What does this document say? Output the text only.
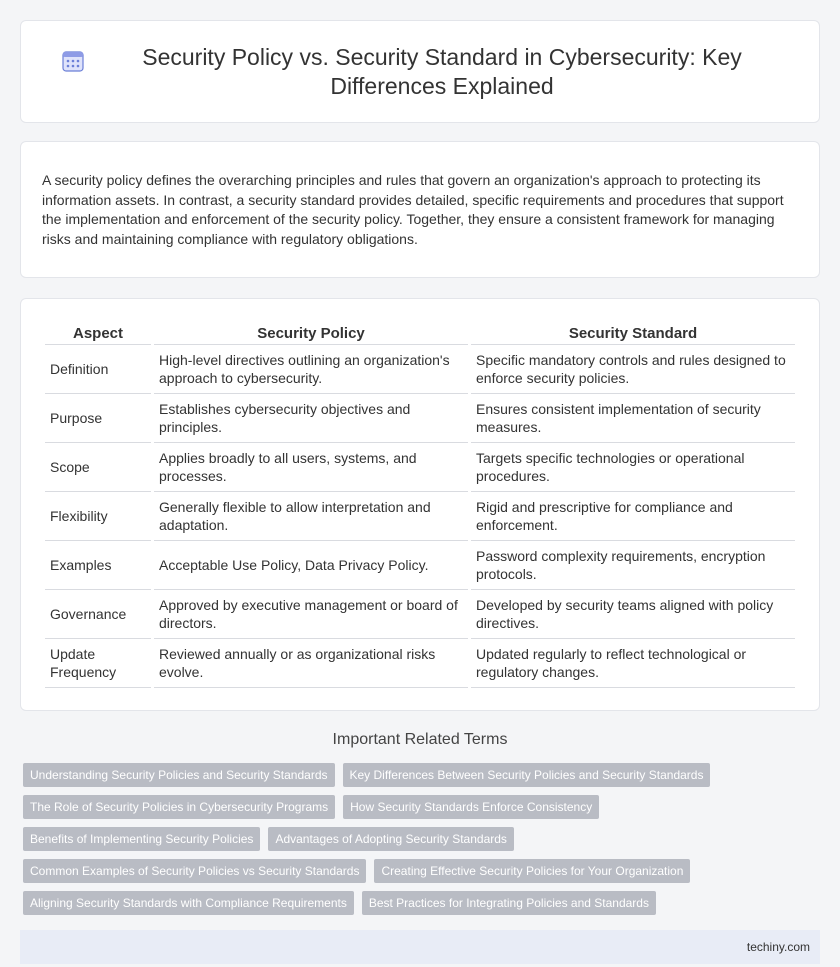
Security Policy vs. Security Standard in Cybersecurity: Key Differences Explained

A security policy defines the overarching principles and rules that govern an organization's approach to protecting its information assets. In contrast, a security standard provides detailed, specific requirements and procedures that support the implementation and enforcement of the security policy. Together, they ensure a consistent framework for managing risks and maintaining compliance with regulatory obligations.

Aspect	Security Policy	Security Standard
Definition	High-level directives outlining an organization's approach to cybersecurity.	Specific mandatory controls and rules designed to enforce security policies.
Purpose	Establishes cybersecurity objectives and principles.	Ensures consistent implementation of security measures.
Scope	Applies broadly to all users, systems, and processes.	Targets specific technologies or operational procedures.
Flexibility	Generally flexible to allow interpretation and adaptation.	Rigid and prescriptive for compliance and enforcement.
Examples	Acceptable Use Policy, Data Privacy Policy.	Password complexity requirements, encryption protocols.
Governance	Approved by executive management or board of directors.	Developed by security teams aligned with policy directives.
Update Frequency	Reviewed annually or as organizational risks evolve.	Updated regularly to reflect technological or regulatory changes.
Important Related Terms
Understanding Security Policies and Security Standards	Key Differences Between Security Policies and Security Standards
The Role of Security Policies in Cybersecurity Programs	How Security Standards Enforce Consistency
Benefits of Implementing Security Policies	Advantages of Adopting Security Standards
Common Examples of Security Policies vs Security Standards	Creating Effective Security Policies for Your Organization
Aligning Security Standards with Compliance Requirements	Best Practices for Integrating Policies and Standards
techiny.com
